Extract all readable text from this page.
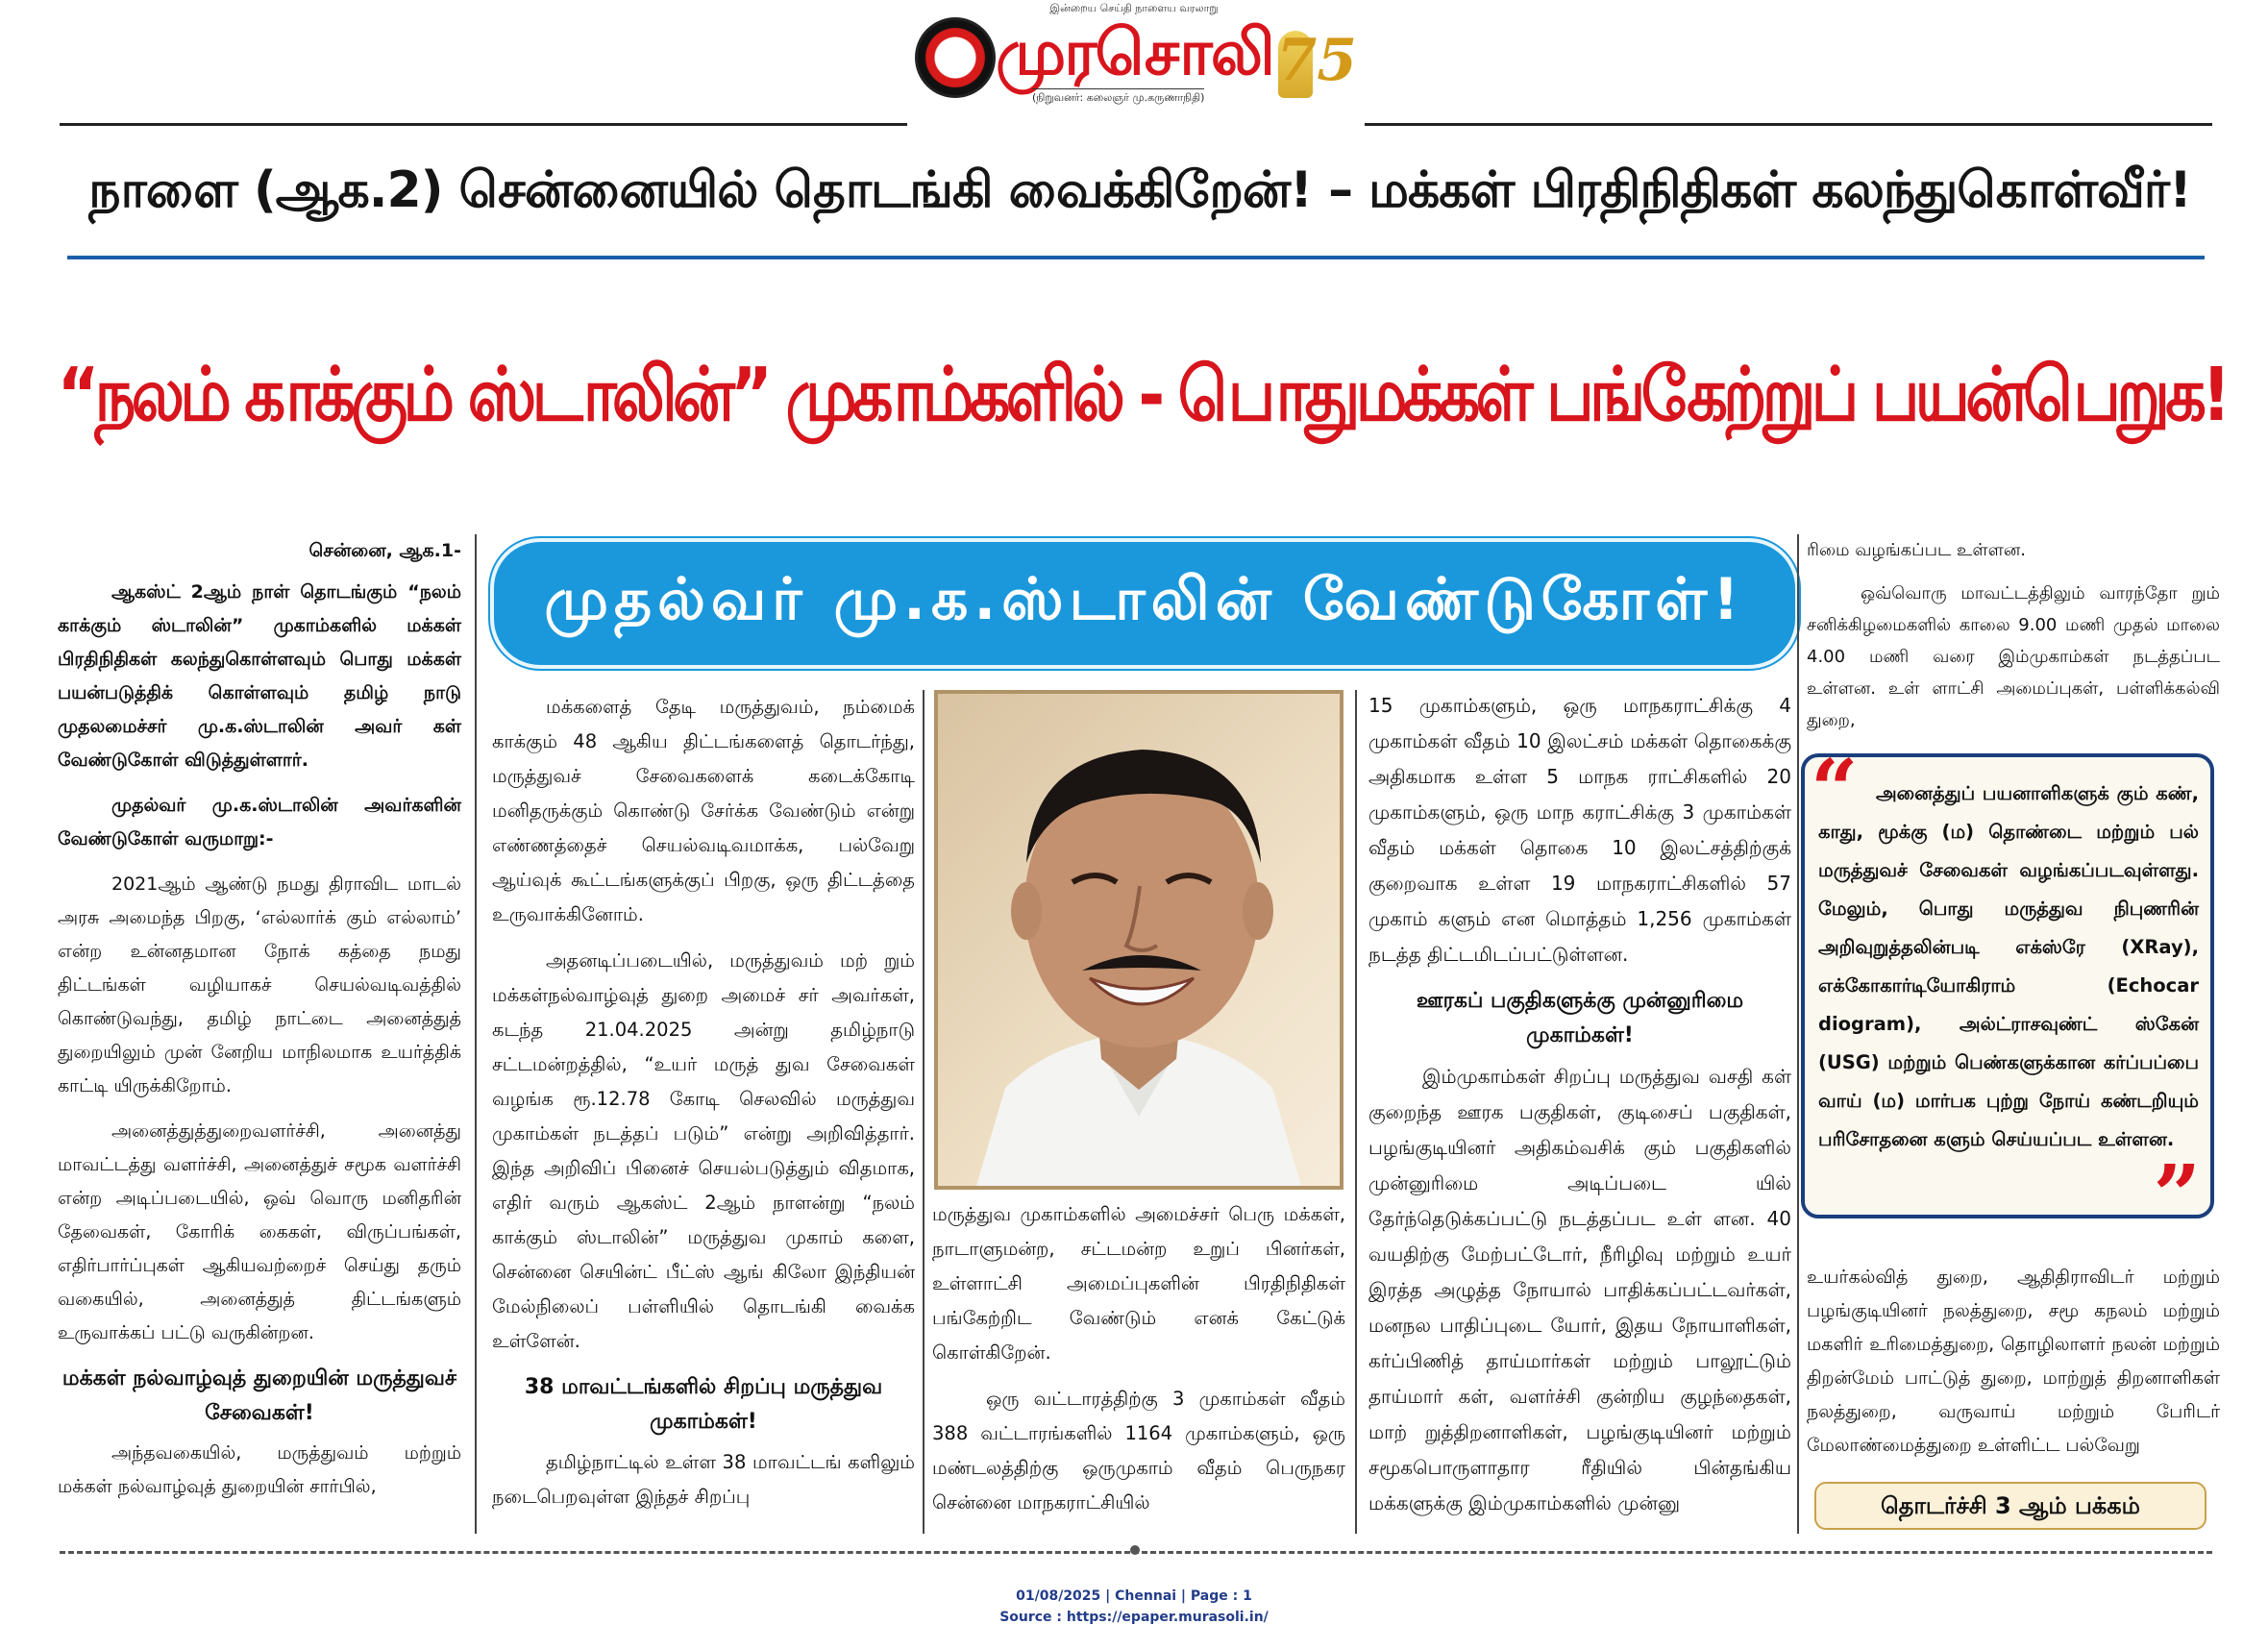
இன்றைய செய்தி நாளைய வரலாறு
முரசொலி
(நிறுவனர்: கலைஞர் மு.கருணாநிதி)
75
நாளை (ஆக.2) சென்னையில் தொடங்கி வைக்கிறேன்! – மக்கள் பிரதிநிதிகள் கலந்துகொள்வீர்!
“நலம் காக்கும் ஸ்டாலின்” முகாம்களில் - பொதுமக்கள் பங்கேற்றுப் பயன்பெறுக!

சென்னை, ஆக.1-

ஆகஸ்ட் 2ஆம் நாள் தொடங்கும் “நலம் காக்கும் ஸ்டாலின்” முகாம்களில் மக்கள் பிரதிநிதிகள் கலந்துகொள்ளவும் பொது மக்கள் பயன்படுத்திக் கொள்ளவும் தமிழ் நாடு முதலமைச்சர் மு.க.ஸ்டாலின் அவர் கள் வேண்டுகோள் விடுத்துள்ளார்.

முதல்வர் மு.க.ஸ்டாலின் அவர்களின் வேண்டுகோள் வருமாறு:-

2021ஆம் ஆண்டு நமது திராவிட மாடல் அரசு அமைந்த பிறகு, ‘எல்லார்க் கும் எல்லாம்’ என்ற உன்னதமான நோக் கத்தை நமது திட்டங்கள் வழியாகச் செயல்வடிவத்தில் கொண்டுவந்து, தமிழ் நாட்டை அனைத்துத் துறையிலும் முன் னேறிய மாநிலமாக உயர்த்திக் காட்டி யிருக்கிறோம்.

அனைத்துத்துறைவளர்ச்சி, அனைத்து மாவட்டத்து வளர்ச்சி, அனைத்துச் சமூக வளர்ச்சி என்ற அடிப்படையில், ஒவ் வொரு மனிதரின் தேவைகள், கோரிக் கைகள், விருப்பங்கள், எதிர்பார்ப்புகள் ஆகியவற்றைச் செய்து தரும் வகையில், அனைத்துத் திட்டங்களும் உருவாக்கப் பட்டு வருகின்றன.

மக்கள் நல்வாழ்வுத் துறையின் மருத்துவச் சேவைகள்!

அந்தவகையில், மருத்துவம் மற்றும் மக்கள் நல்வாழ்வுத் துறையின் சார்பில்,

முதல்வர் மு.க.ஸ்டாலின் வேண்டுகோள்!

மக்களைத் தேடி மருத்துவம், நம்மைக் காக்கும் 48 ஆகிய திட்டங்களைத் தொடர்ந்து, மருத்துவச் சேவைகளைக் கடைக்கோடி மனிதருக்கும் கொண்டு சேர்க்க வேண்டும் என்று எண்ணத்தைச் செயல்வடிவமாக்க, பல்வேறு ஆய்வுக் கூட்டங்களுக்குப் பிறகு, ஒரு திட்டத்தை உருவாக்கினோம்.

அதனடிப்படையில், மருத்துவம் மற் றும் மக்கள்நல்வாழ்வுத் துறை அமைச் சர் அவர்கள், கடந்த 21.04.2025 அன்று தமிழ்நாடு சட்டமன்றத்தில், “உயர் மருத் துவ சேவைகள் வழங்க ரூ.12.78 கோடி செலவில் மருத்துவ முகாம்கள் நடத்தப் படும்” என்று அறிவித்தார். இந்த அறிவிப் பினைச் செயல்படுத்தும் விதமாக, எதிர் வரும் ஆகஸ்ட் 2ஆம் நாளன்று “நலம் காக்கும் ஸ்டாலின்” மருத்துவ முகாம் களை, சென்னை செயின்ட் பீட்ஸ் ஆங் கிலோ இந்தியன் மேல்நிலைப் பள்ளியில் தொடங்கி வைக்க உள்ளேன்.

38 மாவட்டங்களில் சிறப்பு மருத்துவ முகாம்கள்!

தமிழ்நாட்டில் உள்ள 38 மாவட்டங் களிலும் நடைபெறவுள்ள இந்தச் சிறப்பு

மருத்துவ முகாம்களில் அமைச்சர் பெரு மக்கள், நாடாளுமன்ற, சட்டமன்ற உறுப் பினர்கள், உள்ளாட்சி அமைப்புகளின் பிரதிநிதிகள் பங்கேற்றிட வேண்டும் எனக் கேட்டுக் கொள்கிறேன்.

ஒரு வட்டாரத்திற்கு 3 முகாம்கள் வீதம் 388 வட்டாரங்களில் 1164 முகாம்களும், ஒரு மண்டலத்திற்கு ஒருமுகாம் வீதம் பெருநகர சென்னை மாநகராட்சியில்

15 முகாம்களும், ஒரு மாநகராட்சிக்கு 4 முகாம்கள் வீதம் 10 இலட்சம் மக்கள் தொகைக்கு அதிகமாக உள்ள 5 மாநக ராட்சிகளில் 20 முகாம்களும், ஒரு மாந கராட்சிக்கு 3 முகாம்கள் வீதம் மக்கள் தொகை 10 இலட்சத்திற்குக் குறைவாக உள்ள 19 மாநகராட்சிகளில் 57 முகாம் களும் என மொத்தம் 1,256 முகாம்கள் நடத்த திட்டமிடப்பட்டுள்ளன.

ஊரகப் பகுதிகளுக்கு முன்னுரிமை முகாம்கள்!

இம்முகாம்கள் சிறப்பு மருத்துவ வசதி கள் குறைந்த ஊரக பகுதிகள், குடிசைப் பகுதிகள், பழங்குடியினர் அதிகம்வசிக் கும் பகுதிகளில் முன்னுரிமை அடிப்படை யில் தேர்ந்தெடுக்கப்பட்டு நடத்தப்பட உள் ளன. 40 வயதிற்கு மேற்பட்டோர், நீரிழிவு மற்றும் உயர் இரத்த அழுத்த நோயால் பாதிக்கப்பட்டவர்கள், மனநல பாதிப்புடை யோர், இதய நோயாளிகள், கர்ப்பிணித் தாய்மார்கள் மற்றும் பாலூட்டும் தாய்மார் கள், வளர்ச்சி குன்றிய குழந்தைகள், மாற் றுத்திறனாளிகள், பழங்குடியினர் மற்றும் சமூகபொருளாதார ரீதியில் பின்தங்கிய மக்களுக்கு இம்முகாம்களில் முன்னு

ரிமை வழங்கப்பட உள்ளன.

ஒவ்வொரு மாவட்டத்திலும் வாரந்தோ றும் சனிக்கிழமைகளில் காலை 9.00 மணி முதல் மாலை 4.00 மணி வரை இம்முகாம்கள் நடத்தப்பட உள்ளன. உள் ளாட்சி அமைப்புகள், பள்ளிக்கல்வி துறை,

“ அனைத்துப் பயனாளிகளுக் கும் கண், காது, மூக்கு (ம) தொண்டை மற்றும் பல் மருத்துவச் சேவைகள் வழங்கப்படவுள்ளது. மேலும், பொது மருத்துவ நிபுணரின் அறிவுறுத்தலின்படி எக்ஸ்ரே (XRay), எக்கோகார்டியோகிராம் (Echocar diogram), அல்ட்ராசவுண்ட் ஸ்கேன் (USG) மற்றும் பெண்களுக்கான கர்ப்பப்பை வாய் (ம) மார்பக புற்று நோய் கண்டறியும் பரிசோதனை களும் செய்யப்பட உள்ளன.
”

உயர்கல்வித் துறை, ஆதிதிராவிடர் மற்றும் பழங்குடியினர் நலத்துறை, சமூ கநலம் மற்றும் மகளிர் உரிமைத்துறை, தொழிலாளர் நலன் மற்றும் திறன்மேம் பாட்டுத் துறை, மாற்றுத் திறனாளிகள் நலத்துறை, வருவாய் மற்றும் பேரிடர் மேலாண்மைத்துறை உள்ளிட்ட பல்வேறு

தொடர்ச்சி 3 ஆம் பக்கம்
01/08/2025 | Chennai | Page : 1
Source : https://epaper.murasoli.in/
